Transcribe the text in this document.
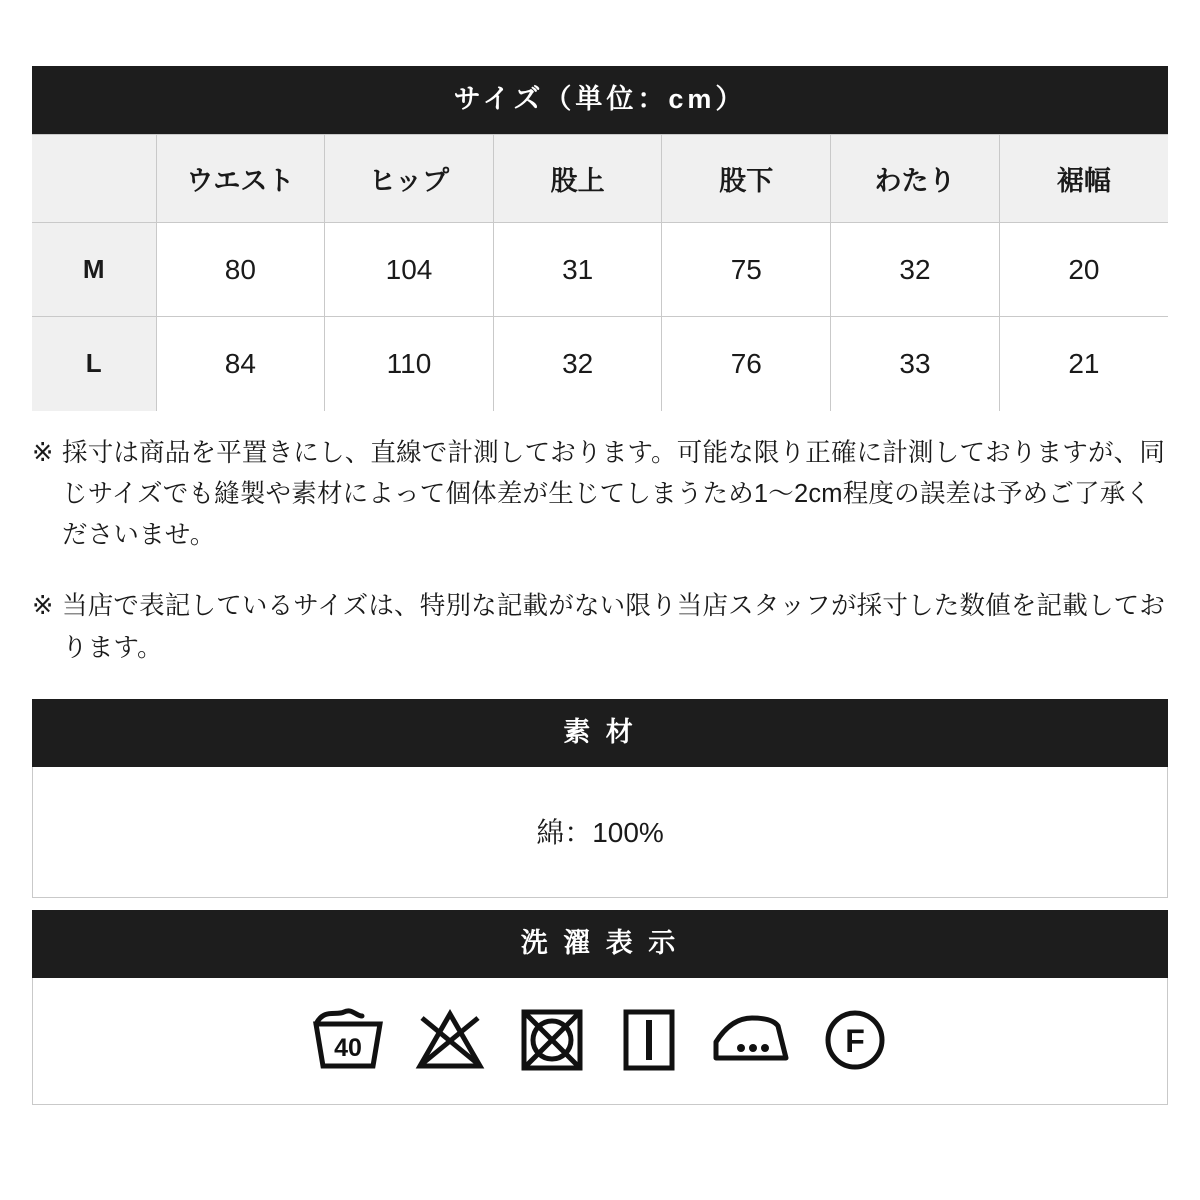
サイズ（単位：cm）
	ウエスト	ヒップ	股上	股下	わたり	裾幅
M	80	104	31	75	32	20
L	84	110	32	76	33	21
※ 採寸は商品を平置きにし、直線で計測しております。可能な限り正確に計測しておりますが、同じサイズでも縫製や素材によって個体差が生じてしまうため1〜2cm程度の誤差は予めご了承くださいませ。
※ 当店で表記しているサイズは、特別な記載がない限り当店スタッフが採寸した数値を記載しております。
素 材
綿：100%
洗 濯 表 示
40	F
